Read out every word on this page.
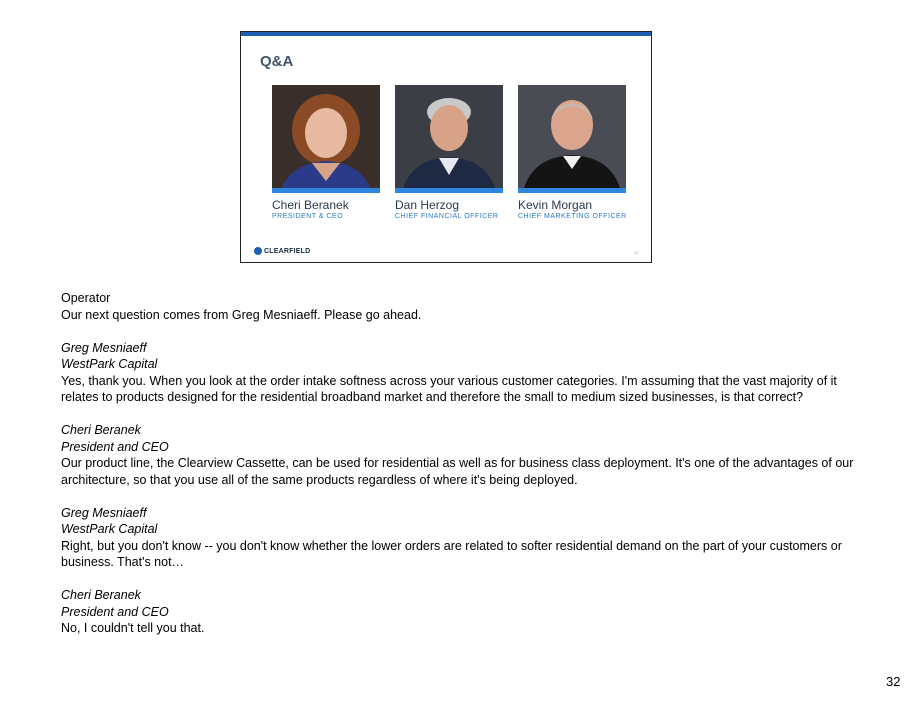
Q&A
Cheri Beranek
PRESIDENT & CEO
Dan Herzog
CHIEF FINANCIAL OFFICER
Kevin Morgan
CHIEF MARKETING OFFICER
CLEARFIELD	10

Operator

Our next question comes from Greg Mesniaeff. Please go ahead.

Greg Mesniaeff

WestPark Capital

Yes, thank you. When you look at the order intake softness across your various customer categories. I'm assuming that the vast majority of it

relates to products designed for the residential broadband market and therefore the small to medium sized businesses, is that correct?

Cheri Beranek

President and CEO

Our product line, the Clearview Cassette, can be used for residential as well as for business class deployment. It's one of the advantages of our

architecture, so that you use all of the same products regardless of where it's being deployed.

Greg Mesniaeff

WestPark Capital

Right, but you don't know -- you don't know whether the lower orders are related to softer residential demand on the part of your customers or

business. That's not…

Cheri Beranek

President and CEO

No, I couldn't tell you that.

32
